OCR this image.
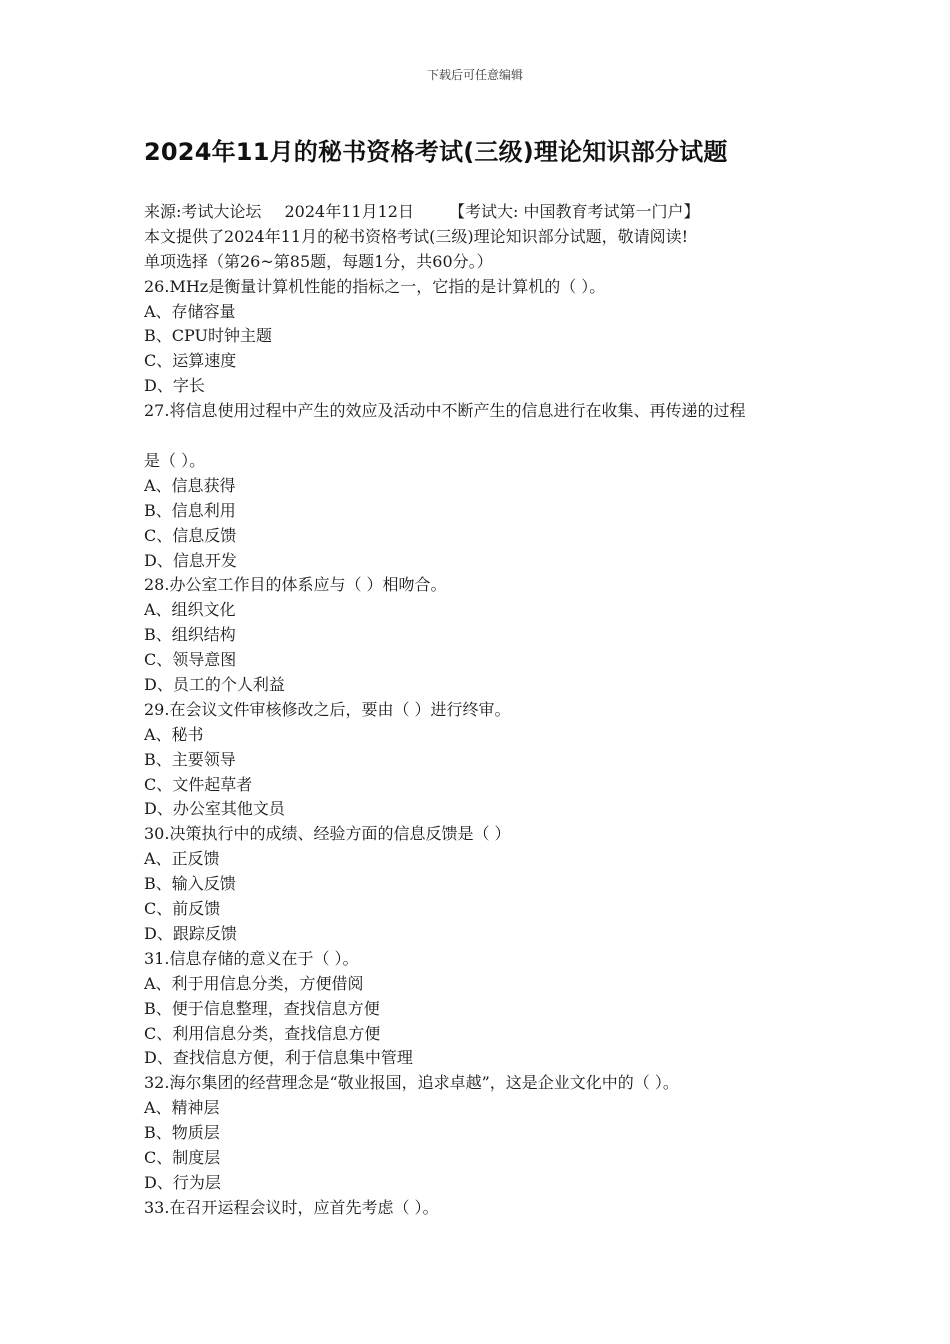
下载后可任意编辑
2024年11月的秘书资格考试(三级)理论知识部分试题
来源:考试大论坛 2024年11月12日 【考试大: 中国教育考试第一门户】
本文提供了2024年11月的秘书资格考试(三级)理论知识部分试题，敬请阅读!
单项选择（第26~第85题，每题1分，共60分。）
26.MHz是衡量计算机性能的指标之一，它指的是计算机的（ ）。
A、存储容量
B、CPU时钟主题
C、运算速度
D、字长
27.将信息使用过程中产生的效应及活动中不断产生的信息进行在收集、再传递的过程
是（ ）。
A、信息获得
B、信息利用
C、信息反馈
D、信息开发
28.办公室工作目的体系应与（ ）相吻合。
A、组织文化
B、组织结构
C、领导意图
D、员工的个人利益
29.在会议文件审核修改之后，要由（ ）进行终审。
A、秘书
B、主要领导
C、文件起草者
D、办公室其他文员
30.决策执行中的成绩、经验方面的信息反馈是（ ）
A、正反馈
B、输入反馈
C、前反馈
D、跟踪反馈
31.信息存储的意义在于（ ）。
A、利于用信息分类，方便借阅
B、便于信息整理，查找信息方便
C、利用信息分类，查找信息方便
D、查找信息方便，利于信息集中管理
32.海尔集团的经营理念是“敬业报国，追求卓越”，这是企业文化中的（ ）。
A、精神层
B、物质层
C、制度层
D、行为层
33.在召开运程会议时，应首先考虑（ ）。
